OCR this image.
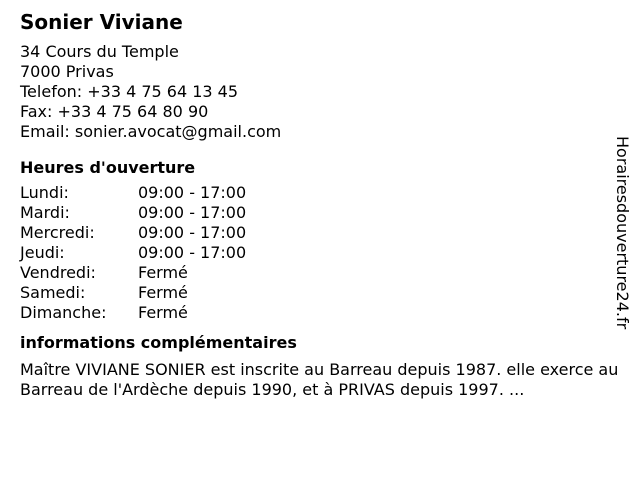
Sonier Viviane
34 Cours du Temple
7000 Privas
Telefon: +33 4 75 64 13 45
Fax: +33 4 75 64 80 90
Email: sonier.avocat@gmail.com
Heures d'ouverture
Lundi:	09:00 - 17:00
Mardi:	09:00 - 17:00
Mercredi:	09:00 - 17:00
Jeudi:	09:00 - 17:00
Vendredi:	Fermé
Samedi:	Fermé
Dimanche:	Fermé
informations complémentaires
Maître VIVIANE SONIER est inscrite au Barreau depuis 1987. elle exerce au Barreau de l'Ardèche depuis 1990, et à PRIVAS depuis 1997. ...
Horairesdouverture24.fr
